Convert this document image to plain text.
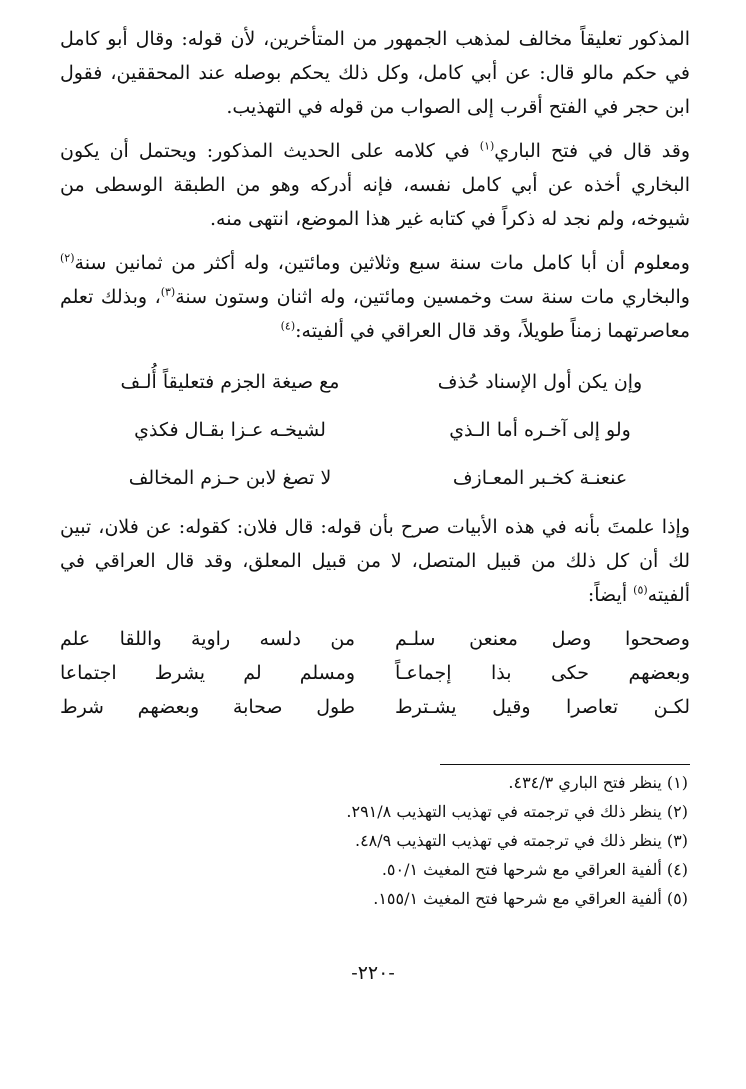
المذكور تعليقاً مخالف لمذهب الجمهور من المتأخرين، لأن قوله: وقال أبو كامل في حكم مالو قال: عن أبي كامل، وكل ذلك يحكم بوصله عند المحققين، فقول ابن حجر في الفتح أقرب إلى الصواب من قوله في التهذيب.

وقد قال في فتح الباري$^{(١)}$ في كلامه على الحديث المذكور: ويحتمل أن يكون البخاري أخذه عن أبي كامل نفسه، فإنه أدركه وهو من الطبقة الوسطى من شيوخه، ولم نجد له ذكراً في كتابه غير هذا الموضع، انتهى منه.

ومعلوم أن أبا كامل مات سنة سبع وثلاثين ومائتين، وله أكثر من ثمانين سنة$^{(٢)}$ والبخاري مات سنة ست وخمسين ومائتين، وله اثنان وستون سنة$^{(٣)}$، وبذلك تعلم معاصرتهما زمناً طويلاً، وقد قال العراقي في ألفيته:$^{(٤)}$

وإن يكن أول الإسناد حُذف
مع صيغة الجزم فتعليقاً أُلـف
ولو إلى آخـره أما الـذي
لشيخـه عـزا بقـال فكذي
عنعنـة كخـبر المعـازف
لا تصغ لابن حـزم المخالف

وإذا علمتَ بأنه في هذه الأبيات صرح بأن قوله: قال فلان: كقوله: عن فلان، تبين لك أن كل ذلك من قبيل المتصل، لا من قبيل المعلق، وقد قال العراقي في ألفيته$^{(٥)}$ أيضاً:

وصححوا وصل معنعن سلـم
من دلسه راوية واللقا علم
وبعضهم حكى بذا إجماعـاً
ومسلم لم يشرط اجتماعا
لكـن تعاصرا وقيل يشـترط
طول صحابة وبعضهم شرط
(١) ينظر فتح الباري ٤٣٤/٣.
(٢) ينظر ذلك في ترجمته في تهذيب التهذيب ٢٩١/٨.
(٣) ينظر ذلك في ترجمته في تهذيب التهذيب ٤٨/٩.
(٤) ألفية العراقي مع شرحها فتح المغيث ٥٠/١.
(٥) ألفية العراقي مع شرحها فتح المغيث ١٥٥/١.
-٢٢٠-
